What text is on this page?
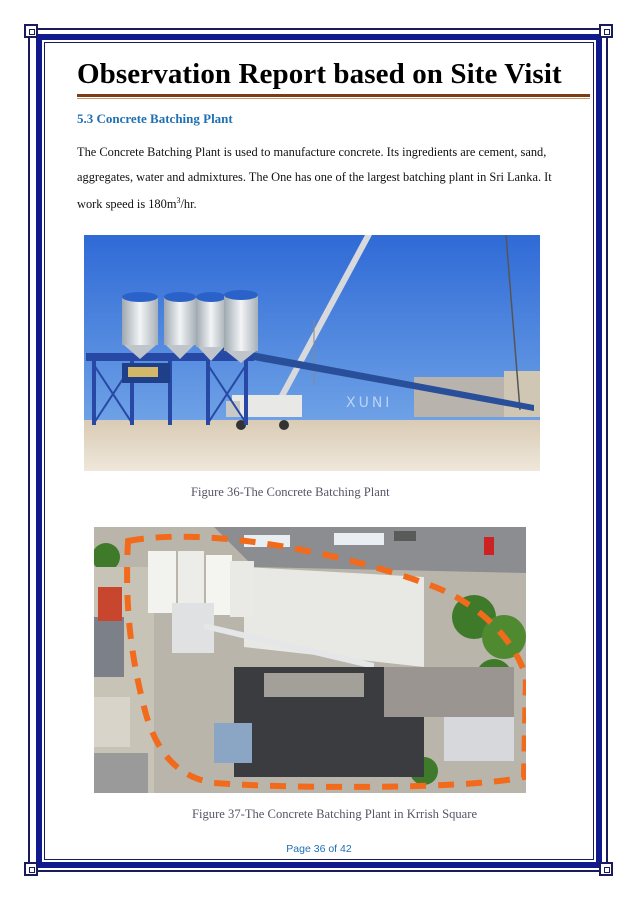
Observation Report based on Site Visit
5.3 Concrete Batching Plant

The Concrete Batching Plant is used to manufacture concrete. Its ingredients are cement, sand, aggregates, water and admixtures. The One has one of the largest batching plant in Sri Lanka. It work speed is $180m^3/hr$.

XUNI
Figure 36-The Concrete Batching Plant
Figure 37-The Concrete Batching Plant in Krrish Square
Page 36 of 42
